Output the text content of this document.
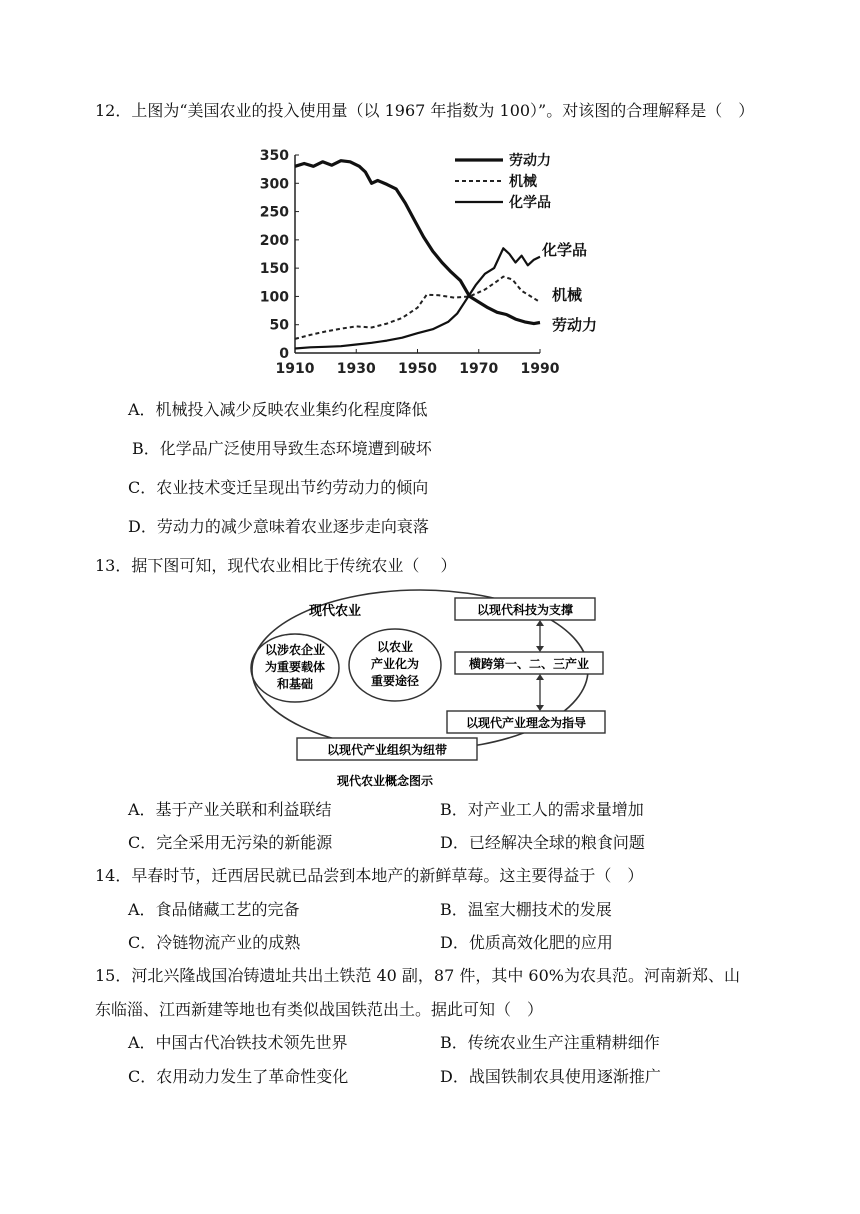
12．上图为“美国农业的投入使用量（以 1967 年指数为 100）”。对该图的合理解释是（　）
0
50
100
150
200
250
300
350
1910 1930 1950 1970 1990
劳动力
机械
化学品
化学品
机械
劳动力
A．机械投入减少反映农业集约化程度降低
B．化学品广泛使用导致生态环境遭到破坏
C．农业技术变迁呈现出节约劳动力的倾向
D．劳动力的减少意味着农业逐步走向衰落
13．据下图可知，现代农业相比于传统农业（　 ）
现代农业
以涉农企业
为重要载体
和基础
以农业
产业化为
重要途径
以现代科技为支撑
横跨第一、二、三产业
以现代产业理念为指导
以现代产业组织为纽带
现代农业概念图示
A．基于产业关联和利益联结	B．对产业工人的需求量增加
C．完全采用无污染的新能源	D．已经解决全球的粮食问题
14．早春时节，迁西居民就已品尝到本地产的新鲜草莓。这主要得益于（　）
A．食品储藏工艺的完备	B．温室大棚技术的发展
C．冷链物流产业的成熟	D．优质高效化肥的应用
15．河北兴隆战国冶铸遗址共出土铁范 40 副，87 件，其中 60%为农具范。河南新郑、山
东临淄、江西新建等地也有类似战国铁范出土。据此可知（　）
A．中国古代冶铁技术领先世界	B．传统农业生产注重精耕细作
C．农用动力发生了革命性变化	D．战国铁制农具使用逐渐推广
